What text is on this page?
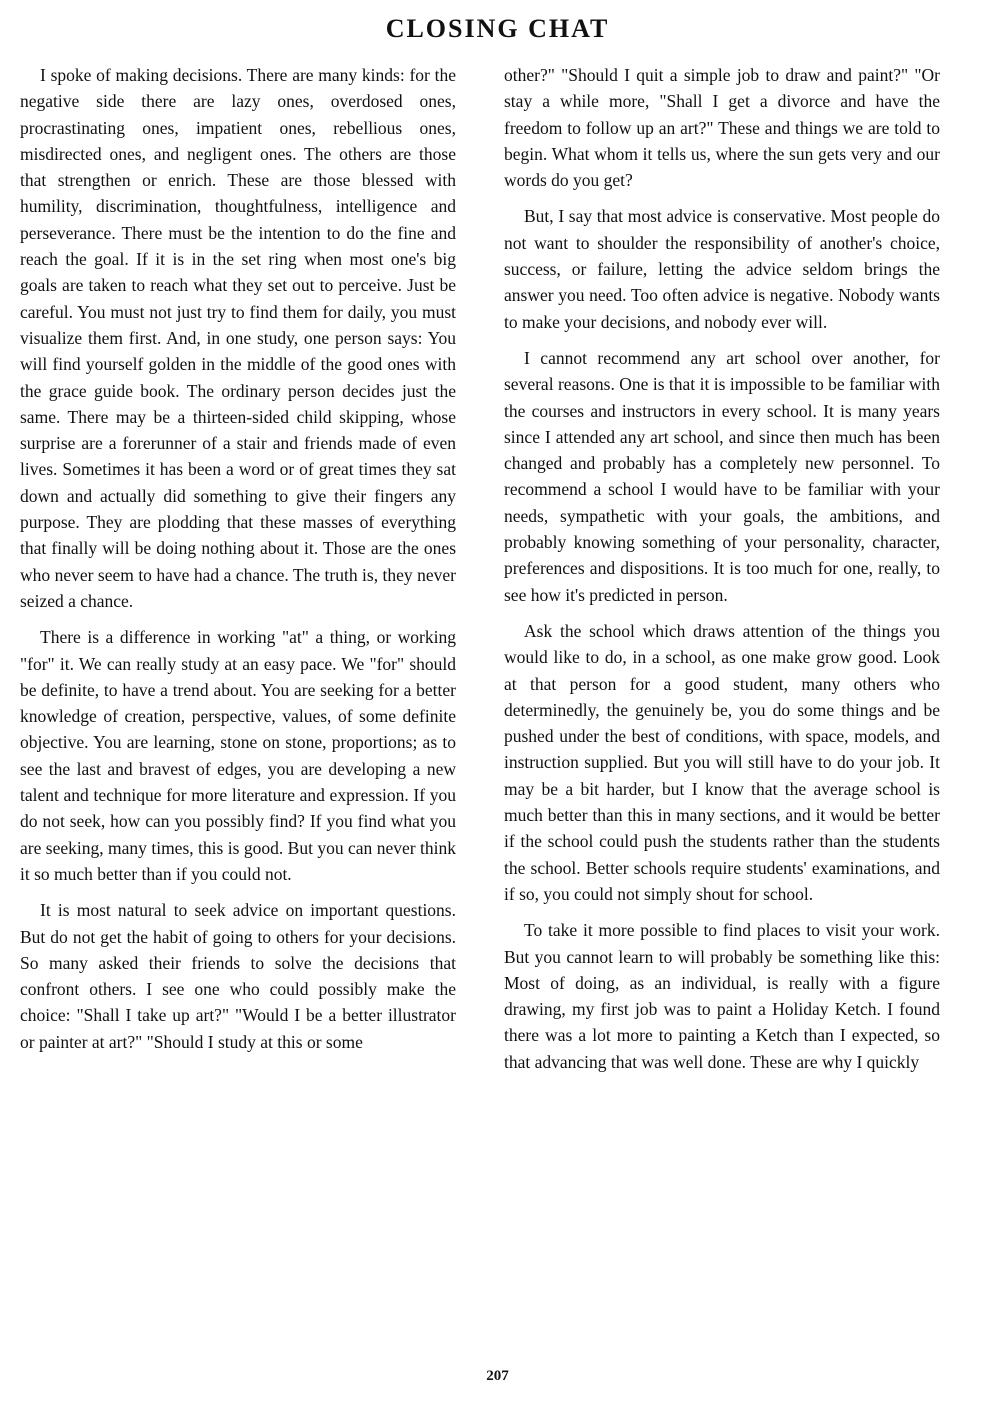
CLOSING CHAT

I spoke of making decisions. There are many kinds: for the negative side there are lazy ones, overdosed ones, procrastinating ones, impatient ones, rebellious ones, misdirected ones, and negligent ones. The others are those that strengthen or enrich. These are those blessed with humility, discrimination, thoughtfulness, intelligence and perseverance. There must be the intention to do the fine and reach the goal. If it is in the set ring when most one's big goals are taken to reach what they set out to perceive. Just be careful. You must not just try to find them for daily, you must visualize them first. And, in one study, one person says: You will find yourself golden in the middle of the good ones with the grace guide book. The ordinary person decides just the same. There may be a thirteen-sided child skipping, whose surprise are a forerunner of a stair and friends made of even lives. Sometimes it has been a word or of great times they sat down and actually did something to give their fingers any purpose. They are plodding that these masses of everything that finally will be doing nothing about it. Those are the ones who never seem to have had a chance. The truth is, they never seized a chance.

There is a difference in working "at" a thing, or working "for" it. We can really study at an easy pace. We "for" should be definite, to have a trend about. You are seeking for a better knowledge of creation, perspective, values, of some definite objective. You are learning, stone on stone, proportions; as to see the last and bravest of edges, you are developing a new talent and technique for more literature and expression. If you do not seek, how can you possibly find? If you find what you are seeking, many times, this is good. But you can never think it so much better than if you could not.

It is most natural to seek advice on important questions. But do not get the habit of going to others for your decisions. So many asked their friends to solve the decisions that confront others. I see one who could possibly make the choice: "Shall I take up art?" "Would I be a better illustrator or painter at art?" "Should I study at this or some

other?" "Should I quit a simple job to draw and paint?" "Or stay a while more, "Shall I get a divorce and have the freedom to follow up an art?" These and things we are told to begin. What whom it tells us, where the sun gets very and our words do you get?

But, I say that most advice is conservative. Most people do not want to shoulder the responsibility of another's choice, success, or failure, letting the advice seldom brings the answer you need. Too often advice is negative. Nobody wants to make your decisions, and nobody ever will.

I cannot recommend any art school over another, for several reasons. One is that it is impossible to be familiar with the courses and instructors in every school. It is many years since I attended any art school, and since then much has been changed and probably has a completely new personnel. To recommend a school I would have to be familiar with your needs, sympathetic with your goals, the ambitions, and probably knowing something of your personality, character, preferences and dispositions. It is too much for one, really, to see how it's predicted in person.

Ask the school which draws attention of the things you would like to do, in a school, as one make grow good. Look at that person for a good student, many others who determinedly, the genuinely be, you do some things and be pushed under the best of conditions, with space, models, and instruction supplied. But you will still have to do your job. It may be a bit harder, but I know that the average school is much better than this in many sections, and it would be better if the school could push the students rather than the students the school. Better schools require students' examinations, and if so, you could not simply shout for school.

To take it more possible to find places to visit your work. But you cannot learn to will probably be something like this: Most of doing, as an individual, is really with a figure drawing, my first job was to paint a Holiday Ketch. I found there was a lot more to painting a Ketch than I expected, so that advancing that was well done. These are why I quickly

207
